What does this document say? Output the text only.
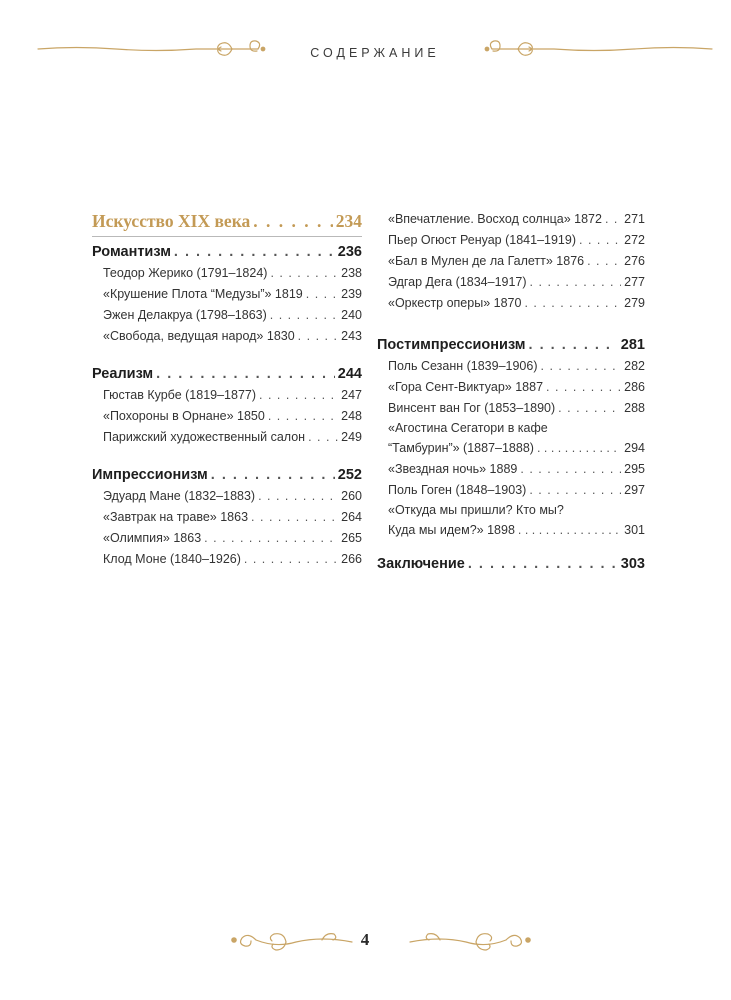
СОДЕРЖАНИЕ
Искусство XIX века . . .	234
Романтизм . . .	236
Теодор Жерико (1791–1824) . . .	238
«Крушение Плота “Медузы”» 1819 . . .	239
Эжен Делакруа (1798–1863) . . .	240
«Свобода, ведущая народ» 1830 . . .	243
Реализм . . .	244
Гюстав Курбе (1819–1877) . . .	247
«Похороны в Орнане» 1850 . . .	248
Парижский художественный салон . . .	249
Импрессионизм . . .	252
Эдуард Мане (1832–1883) . . .	260
«Завтрак на траве» 1863 . . .	264
«Олимпия» 1863 . . .	265
Клод Моне (1840–1926) . . .	266
«Впечатление. Восход солнца» 1872 . . . 271
Пьер Огюст Ренуар (1841–1919) . . .	272
«Бал в Мулен де ла Галетт» 1876 . . .	276
Эдгар Дега (1834–1917) . . .	277
«Оркестр оперы» 1870 . . .	279
Постимпрессионизм . . .	281
Поль Сезанн (1839–1906) . . .	282
«Гора Сент-Виктуар» 1887 . . .	286
Винсент ван Гог (1853–1890) . . .	288
«Агостина Сегатори в кафе
“Тамбурин”» (1887–1888) . . .	294
«Звездная ночь» 1889 . . .	295
Поль Гоген (1848–1903) . . .	297
«Откуда мы пришли? Кто мы?
Куда мы идем?» 1898 . . .	301
Заключение . . .	303
4
